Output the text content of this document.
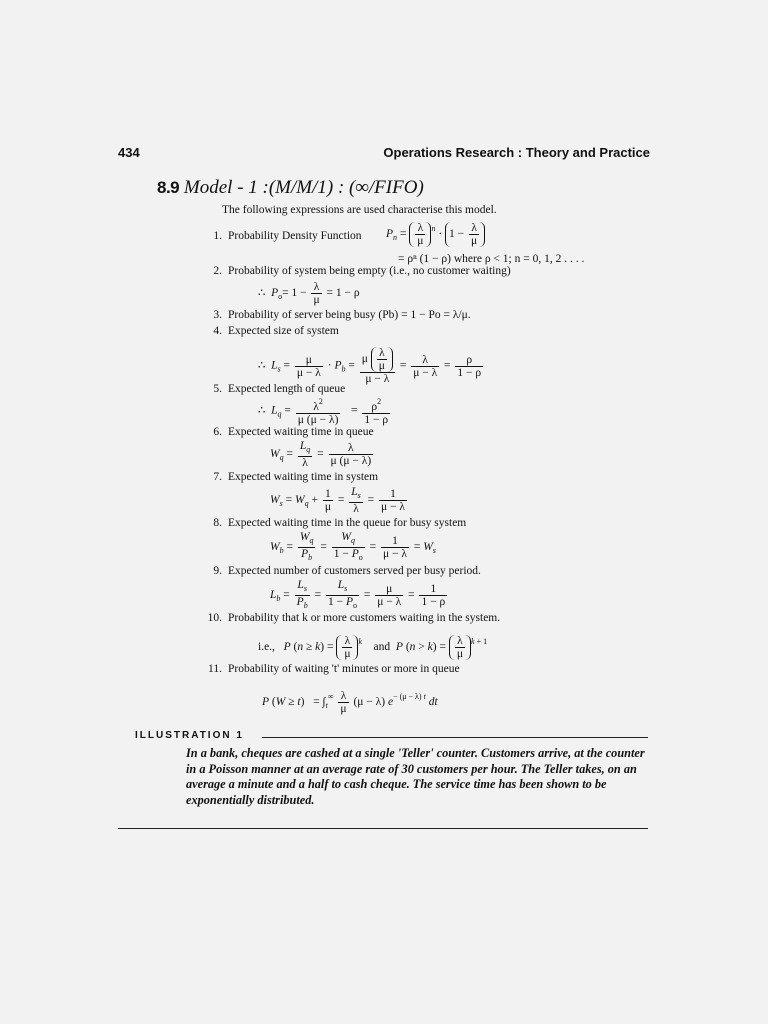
434	Operations Research : Theory and Practice
8.9 Model - 1 :(M/M/1) : (∞/FIFO)
The following expressions are used characterise this model.
1. Probability Density Function $P_n = \frac{\lambda}{\mu} ^n \cdot 1 - \frac{\lambda}{\mu}$
= ρⁿ (1 − ρ) where ρ < 1; n = 0, 1, 2 . . . .
2. Probability of system being empty (i.e., no customer waiting)
∴  $P_o= 1 - \frac{\lambda}{\mu} = 1 - \rho$
3. Probability of server being busy (Pb) = 1 − Po = λ/μ.
4. Expected size of system
∴  $L_s = \frac{\mu}{\mu - \lambda} \cdot P_b = \frac{\mu \frac{\lambda}{\mu}}{\mu - \lambda} = \frac{\lambda}{\mu - \lambda} = \frac{\rho}{1 - \rho}$
5. Expected length of queue
∴  $L_q = \frac{\lambda^2}{\mu (\mu - \lambda)} = \frac{\rho^2}{1 - \rho}$
6. Expected waiting time in queue
$W_q = \frac{L_q}{\lambda} = \frac{\lambda}{\mu (\mu - \lambda)}$
7. Expected waiting time in system
$W_s = W_q + \frac{1}{\mu} = \frac{L_s}{\lambda} = \frac{1}{\mu - \lambda}$
8. Expected waiting time in the queue for busy system
$W_b = \frac{W_q}{P_b} = \frac{W_q}{1 - P_o} = \frac{1}{\mu - \lambda} = W_s$
9. Expected number of customers served per busy period.
$L_b = \frac{L_s}{P_b} = \frac{L_s}{1 - P_o} = \frac{\mu}{\mu - \lambda} = \frac{1}{1 - \rho}$
10. Probability that k or more customers waiting in the system.
i.e., P $(n \ge k) = \frac{\lambda}{\mu} ^k$ and P $(n > k) = \frac{\lambda}{\mu} ^{k + 1}$
11. Probability of waiting 't' minutes or more in queue
P $(W \ge t) = \int_t^\infty \frac{\lambda}{\mu} (\mu - \lambda)$ $e^{- (\mu - \lambda) t}$ dt
ILLUSTRATION 1
In a bank, cheques are cashed at a single 'Teller' counter. Customers arrive, at the counter in a Poisson manner at an average rate of 30 customers per hour. The Teller takes, on an average a minute and a half to cash cheque. The service time has been shown to be exponentially distributed.
